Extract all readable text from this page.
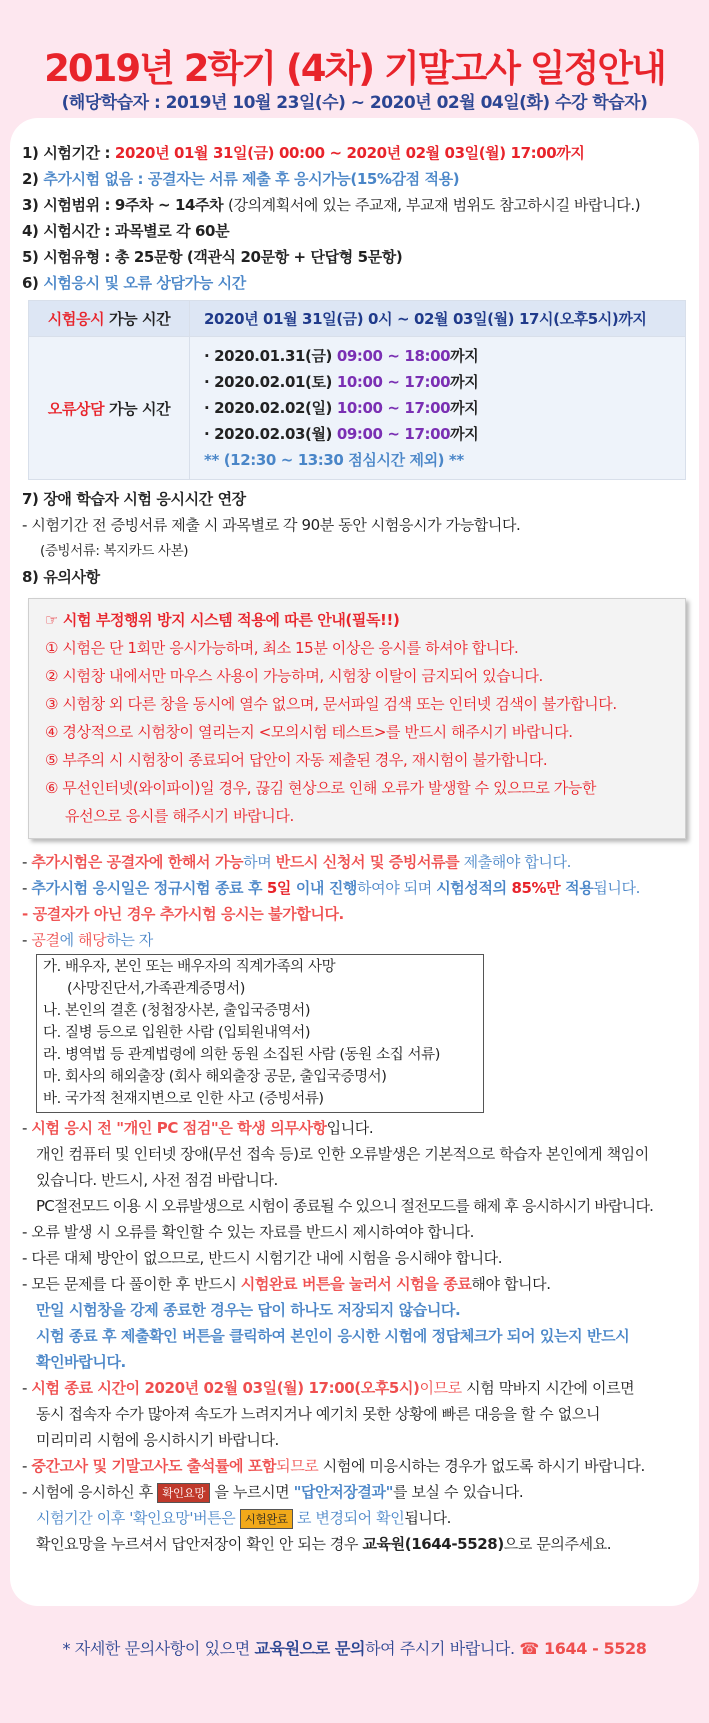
2019년 2학기 (4차) 기말고사 일정안내
(해당학습자 : 2019년 10월 23일(수) ~ 2020년 02월 04일(화) 수강 학습자)
1) 시험기간 : 2020년 01월 31일(금) 00:00 ~ 2020년 02월 03일(월) 17:00까지
2) 추가시험 없음 : 공결자는 서류 제출 후 응시가능(15%감점 적용)
3) 시험범위 : 9주차 ~ 14주차 (강의계획서에 있는 주교재, 부교재 범위도 참고하시길 바랍니다.)
4) 시험시간 : 과목별로 각 60분
5) 시험유형 : 총 25문항 (객관식 20문항 + 단답형 5문항)
6) 시험응시 및 오류 상담가능 시간
시험응시 가능 시간	2020년 01월 31일(금) 0시 ~ 02월 03일(월) 17시(오후5시)까지
오류상담 가능 시간	· 2020.01.31(금) 09:00 ~ 18:00까지
· 2020.02.01(토) 10:00 ~ 17:00까지
· 2020.02.02(일) 10:00 ~ 17:00까지
· 2020.02.03(월) 09:00 ~ 17:00까지
** (12:30 ~ 13:30 점심시간 제외) **
7) 장애 학습자 시험 응시시간 연장
- 시험기간 전 증빙서류 제출 시 과목별로 각 90분 동안 시험응시가 가능합니다.
(증빙서류: 복지카드 사본)
8) 유의사항
☞ 시험 부정행위 방지 시스템 적용에 따른 안내(필독!!)
① 시험은 단 1회만 응시가능하며, 최소 15분 이상은 응시를 하셔야 합니다.
② 시험창 내에서만 마우스 사용이 가능하며, 시험창 이탈이 금지되어 있습니다.
③ 시험창 외 다른 창을 동시에 열수 없으며, 문서파일 검색 또는 인터넷 검색이 불가합니다.
④ 경상적으로 시험창이 열리는지 <모의시험 테스트>를 반드시 해주시기 바랍니다.
⑤ 부주의 시 시험창이 종료되어 답안이 자동 제출된 경우, 재시험이 불가합니다.
⑥ 무선인터넷(와이파이)일 경우, 끊김 현상으로 인해 오류가 발생할 수 있으므로 가능한
유선으로 응시를 해주시기 바랍니다.
- 추가시험은 공결자에 한해서 가능하며 반드시 신청서 및 증빙서류를 제출해야 합니다.
- 추가시험 응시일은 정규시험 종료 후 5일 이내 진행하여야 되며 시험성적의 85%만 적용됩니다.
- 공결자가 아닌 경우 추가시험 응시는 불가합니다.
- 공결에 해당하는 자
가. 배우자, 본인 또는 배우자의 직계가족의 사망
(사망진단서,가족관계증명서)
나. 본인의 결혼 (청첩장사본, 출입국증명서)
다. 질병 등으로 입원한 사람 (입퇴원내역서)
라. 병역법 등 관계법령에 의한 동원 소집된 사람 (동원 소집 서류)
마. 회사의 해외출장 (회사 해외출장 공문, 출입국증명서)
바. 국가적 천재지변으로 인한 사고 (증빙서류)
- 시험 응시 전 "개인 PC 점검"은 학생 의무사항입니다.
개인 컴퓨터 및 인터넷 장애(무선 접속 등)로 인한 오류발생은 기본적으로 학습자 본인에게 책임이
있습니다. 반드시, 사전 점검 바랍니다.
PC절전모드 이용 시 오류발생으로 시험이 종료될 수 있으니 절전모드를 해제 후 응시하시기 바랍니다.
- 오류 발생 시 오류를 확인할 수 있는 자료를 반드시 제시하여야 합니다.
- 다른 대체 방안이 없으므로, 반드시 시험기간 내에 시험을 응시해야 합니다.
- 모든 문제를 다 풀이한 후 반드시 시험완료 버튼을 눌러서 시험을 종료해야 합니다.
만일 시험창을 강제 종료한 경우는 답이 하나도 저장되지 않습니다.
시험 종료 후 제출확인 버튼을 클릭하여 본인이 응시한 시험에 정답체크가 되어 있는지 반드시
확인바랍니다.
- 시험 종료 시간이 2020년 02월 03일(월) 17:00(오후5시)이므로 시험 막바지 시간에 이르면
동시 접속자 수가 많아져 속도가 느려지거나 예기치 못한 상황에 빠른 대응을 할 수 없으니
미리미리 시험에 응시하시기 바랍니다.
- 중간고사 및 기말고사도 출석률에 포함되므로 시험에 미응시하는 경우가 없도록 하시기 바랍니다.
- 시험에 응시하신 후 확인요망 을 누르시면 "답안저장결과"를 보실 수 있습니다.
시험기간 이후 '확인요망'버튼은 시험완료 로 변경되어 확인됩니다.
확인요망을 누르셔서 답안저장이 확인 안 되는 경우 교육원(1644-5528)으로 문의주세요.
* 자세한 문의사항이 있으면 교육원으로 문의하여 주시기 바랍니다. ☎ 1644 - 5528
